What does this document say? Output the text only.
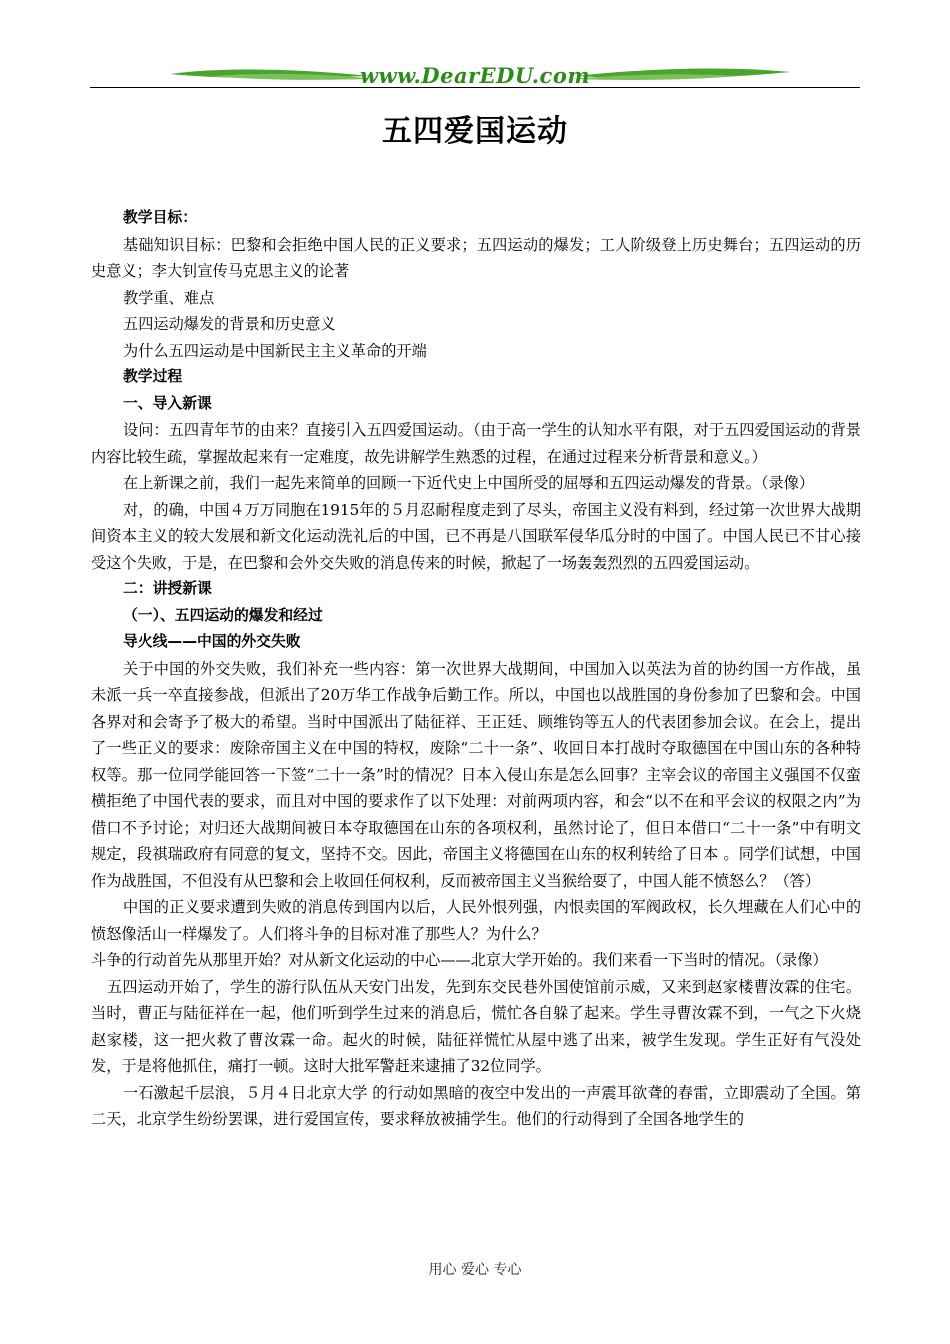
www.DearEDU.com
五四爱国运动

教学目标：

基础知识目标：巴黎和会拒绝中国人民的正义要求；五四运动的爆发；工人阶级登上历史舞台；五四运动的历史意义；李大钊宣传马克思主义的论著

教学重、难点

五四运动爆发的背景和历史意义

为什么五四运动是中国新民主主义革命的开端

教学过程

一、导入新课

设问：五四青年节的由来？直接引入五四爱国运动。（由于高一学生的认知水平有限，对于五四爱国运动的背景内容比较生疏，掌握故起来有一定难度，故先讲解学生熟悉的过程，在通过过程来分析背景和意义。）

在上新课之前，我们一起先来简单的回顾一下近代史上中国所受的屈辱和五四运动爆发的背景。（录像）

对，的确，中国４万万同胞在1915年的５月忍耐程度走到了尽头，帝国主义没有料到，经过第一次世界大战期间资本主义的较大发展和新文化运动洗礼后的中国，已不再是八国联军侵华瓜分时的中国了。中国人民已不甘心接受这个失败，于是，在巴黎和会外交失败的消息传来的时候，掀起了一场轰轰烈烈的五四爱国运动。

二：讲授新课

（一）、五四运动的爆发和经过

导火线——中国的外交失败

关于中国的外交失败，我们补充一些内容：第一次世界大战期间，中国加入以英法为首的协约国一方作战，虽未派一兵一卒直接参战，但派出了20万华工作战争后勤工作。所以，中国也以战胜国的身份参加了巴黎和会。中国各界对和会寄予了极大的希望。当时中国派出了陆征祥、王正廷、顾维钧等五人的代表团参加会议。在会上，提出了一些正义的要求：废除帝国主义在中国的特权，废除“二十一条”、收回日本打战时夺取德国在中国山东的各种特权等。那一位同学能回答一下签“二十一条”时的情况？日本入侵山东是怎么回事？主宰会议的帝国主义强国不仅蛮横拒绝了中国代表的要求，而且对中国的要求作了以下处理：对前两项内容，和会“以不在和平会议的权限之内”为借口不予讨论；对归还大战期间被日本夺取德国在山东的各项权利，虽然讨论了，但日本借口“二十一条”中有明文规定，段祺瑞政府有同意的复文，坚持不交。因此，帝国主义将德国在山东的权利转给了日本 。同学们试想，中国作为战胜国，不但没有从巴黎和会上收回任何权利，反而被帝国主义当猴给耍了，中国人能不愤怒么？（答）

中国的正义要求遭到失败的消息传到国内以后，人民外恨列强，内恨卖国的军阀政权，长久埋藏在人们心中的愤怒像活山一样爆发了。人们将斗争的目标对准了那些人？为什么？

斗争的行动首先从那里开始？对从新文化运动的中心——北京大学开始的。我们来看一下当时的情况。（录像）

五四运动开始了，学生的游行队伍从天安门出发，先到东交民巷外国使馆前示威，又来到赵家楼曹汝霖的住宅。当时，曹正与陆征祥在一起，他们听到学生过来的消息后，慌忙各自躲了起来。学生寻曹汝霖不到，一气之下火烧赵家楼，这一把火救了曹汝霖一命。起火的时候，陆征祥慌忙从屋中逃了出来，被学生发现。学生正好有气没处发，于是将他抓住，痛打一顿。这时大批军警赶来逮捕了32位同学。

一石激起千层浪，５月４日北京大学 的行动如黑暗的夜空中发出的一声震耳欲聋的春雷，立即震动了全国。第二天，北京学生纷纷罢课，进行爱国宣传，要求释放被捕学生。他们的行动得到了全国各地学生的

用心 爱心 专心
